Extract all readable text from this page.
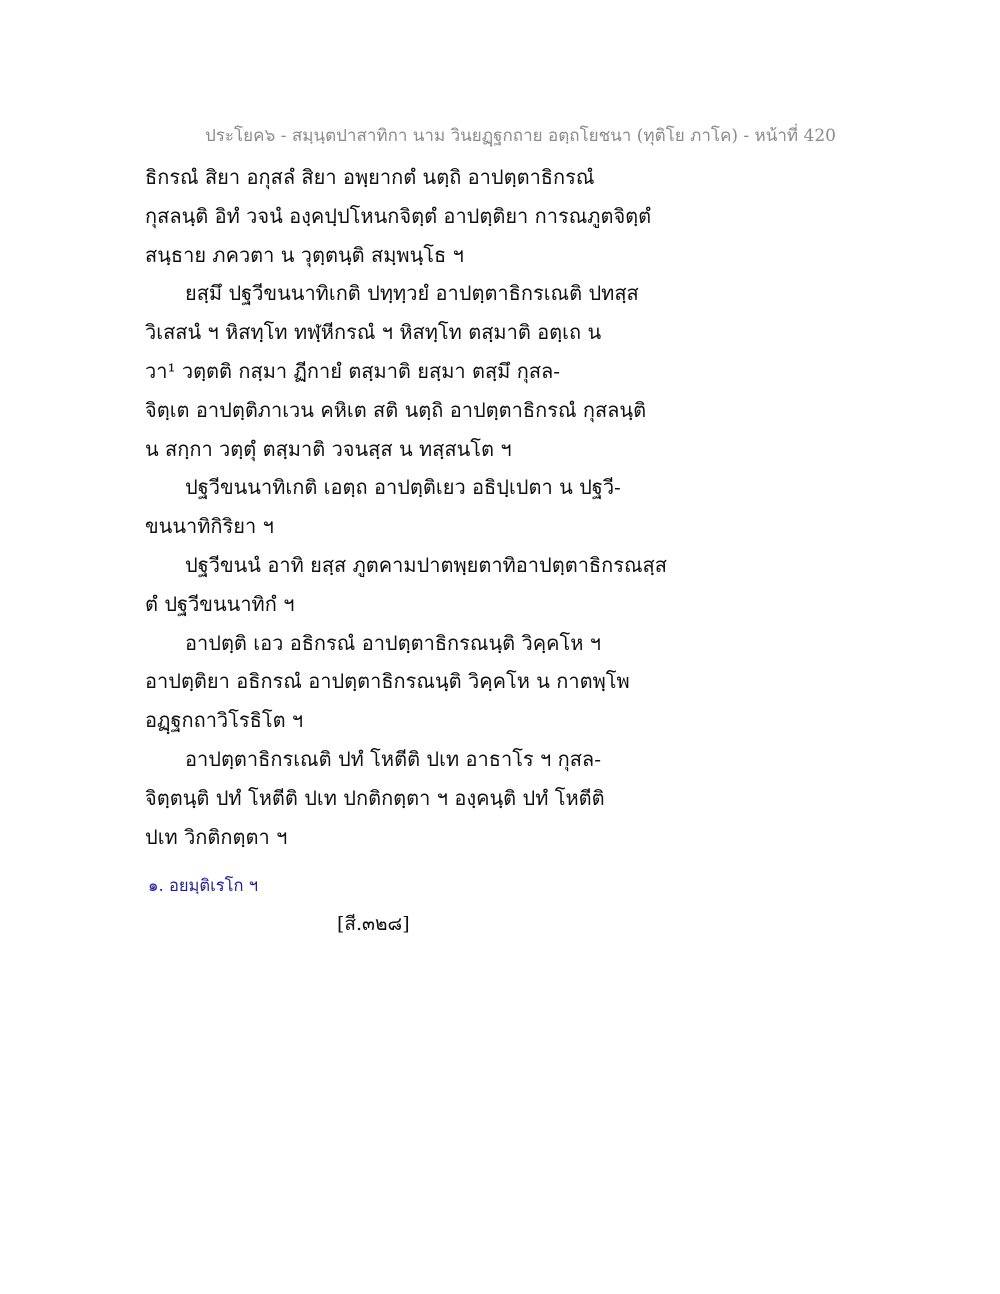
ประโยค๖ - สมฺนฺตปาสาทิกา นาม วินยฏฺฐกถาย อตฺถโยชนา (ทุติโย ภาโค) - หน้าที่ 420
ธิกรณํ สิยา อกุสลํ สิยา อพฺยากตํ นตฺถิ อาปตฺตาธิกรณํ
กุสลนฺติ อิทํ วจนํ องฺคปฺปโหนกจิตฺตํ อาปตฺติยา การณภูตจิตฺตํ
สนฺธาย ภควตา น วุตฺตนฺติ สมฺพนฺโธ ฯ
ยสฺมึ ปฐวีขนนาทิเกติ ปทฺทฺวยํ อาปตฺตาธิกรเณติ ปทสฺส
วิเสสนํ ฯ หิสทฺโท ทฬฺหีกรณํ ฯ หิสทฺโท ตสฺมาติ อตฺเถ น
วา¹ วตฺตติ กสฺมา ฏีกายํ ตสฺมาติ ยสฺมา ตสฺมึ กุสล-
จิตฺเต อาปตฺติภาเวน คหิเต สติ นตฺถิ อาปตฺตาธิกรณํ กุสลนฺติ
น สกฺกา วตฺตุํ ตสฺมาติ วจนสฺส น ทสฺสนโต ฯ
ปฐวีขนนาทิเกติ เอตฺถ อาปตฺติเยว อธิปฺเปตา น ปฐวี-
ขนนาทิกิริยา ฯ
ปฐวีขนนํ อาทิ ยสฺส ภูตคามปาตพฺยตาทิอาปตฺตาธิกรณสฺส
ตํ ปฐวีขนนาทิกํ ฯ
อาปตฺติ เอว อธิกรณํ อาปตฺตาธิกรณนฺติ วิคฺคโห ฯ
อาปตฺติยา อธิกรณํ อาปตฺตาธิกรณนฺติ วิคฺคโห น กาตพฺโพ
อฏฺฐกถาวิโรธิโต ฯ
อาปตฺตาธิกรเณติ ปทํ โหตีติ ปเท อาธาโร ฯ กุสล-
จิตฺตนฺติ ปทํ โหตีติ ปเท ปกติกตฺตา ฯ องฺคนฺติ ปทํ โหตีติ
ปเท วิกติกตฺตา ฯ
๑. อยมฺติเรโก ฯ
[สี.๓๒๘]
